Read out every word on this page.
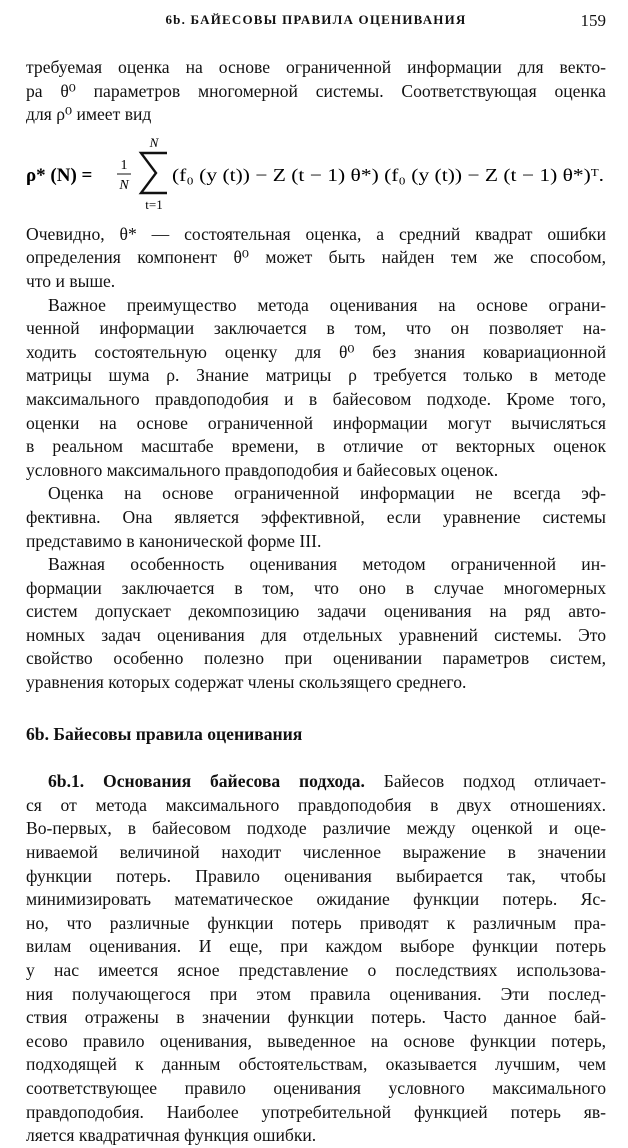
6b. БАЙЕСОВЫ ПРАВИЛА ОЦЕНИВАНИЯ	159
требуемая оценка на основе ограниченной информации для векто-
ра θ⁰ параметров многомерной системы. Соответствующая оценка
для ρ⁰ имеет вид
ρ* (N) = 1
N
N
t=1
(f₀ (y (t)) − Z (t − 1) θ*) (f₀ (y (t)) − Z (t − 1) θ*)ᵀ.
Очевидно, θ* — состоятельная оценка, а средний квадрат ошибки
определения компонент θ⁰ может быть найден тем же способом,
что и выше.
Важное преимущество метода оценивания на основе ограни-
ченной информации заключается в том, что он позволяет на-
ходить состоятельную оценку для θ⁰ без знания ковариационной
матрицы шума ρ. Знание матрицы ρ требуется только в методе
максимального правдоподобия и в байесовом подходе. Кроме того,
оценки на основе ограниченной информации могут вычисляться
в реальном масштабе времени, в отличие от векторных оценок
условного максимального правдоподобия и байесовых оценок.
Оценка на основе ограниченной информации не всегда эф-
фективна. Она является эффективной, если уравнение системы
представимо в канонической форме III.
Важная особенность оценивания методом ограниченной ин-
формации заключается в том, что оно в случае многомерных
систем допускает декомпозицию задачи оценивания на ряд авто-
номных задач оценивания для отдельных уравнений системы. Это
свойство особенно полезно при оценивании параметров систем,
уравнения которых содержат члены скользящего среднего.
6b. Байесовы правила оценивания
6b.1. Основания байесова подхода. Байесов подход отличает-
ся от метода максимального правдоподобия в двух отношениях.
Во-первых, в байесовом подходе различие между оценкой и оце-
ниваемой величиной находит численное выражение в значении
функции потерь. Правило оценивания выбирается так, чтобы
минимизировать математическое ожидание функции потерь. Яс-
но, что различные функции потерь приводят к различным пра-
вилам оценивания. И еще, при каждом выборе функции потерь
у нас имеется ясное представление о последствиях использова-
ния получающегося при этом правила оценивания. Эти послед-
ствия отражены в значении функции потерь. Часто данное бай-
есово правило оценивания, выведенное на основе функции потерь,
подходящей к данным обстоятельствам, оказывается лучшим, чем
соответствующее правило оценивания условного максимального
правдоподобия. Наиболее употребительной функцией потерь яв-
ляется квадратичная функция ошибки.
